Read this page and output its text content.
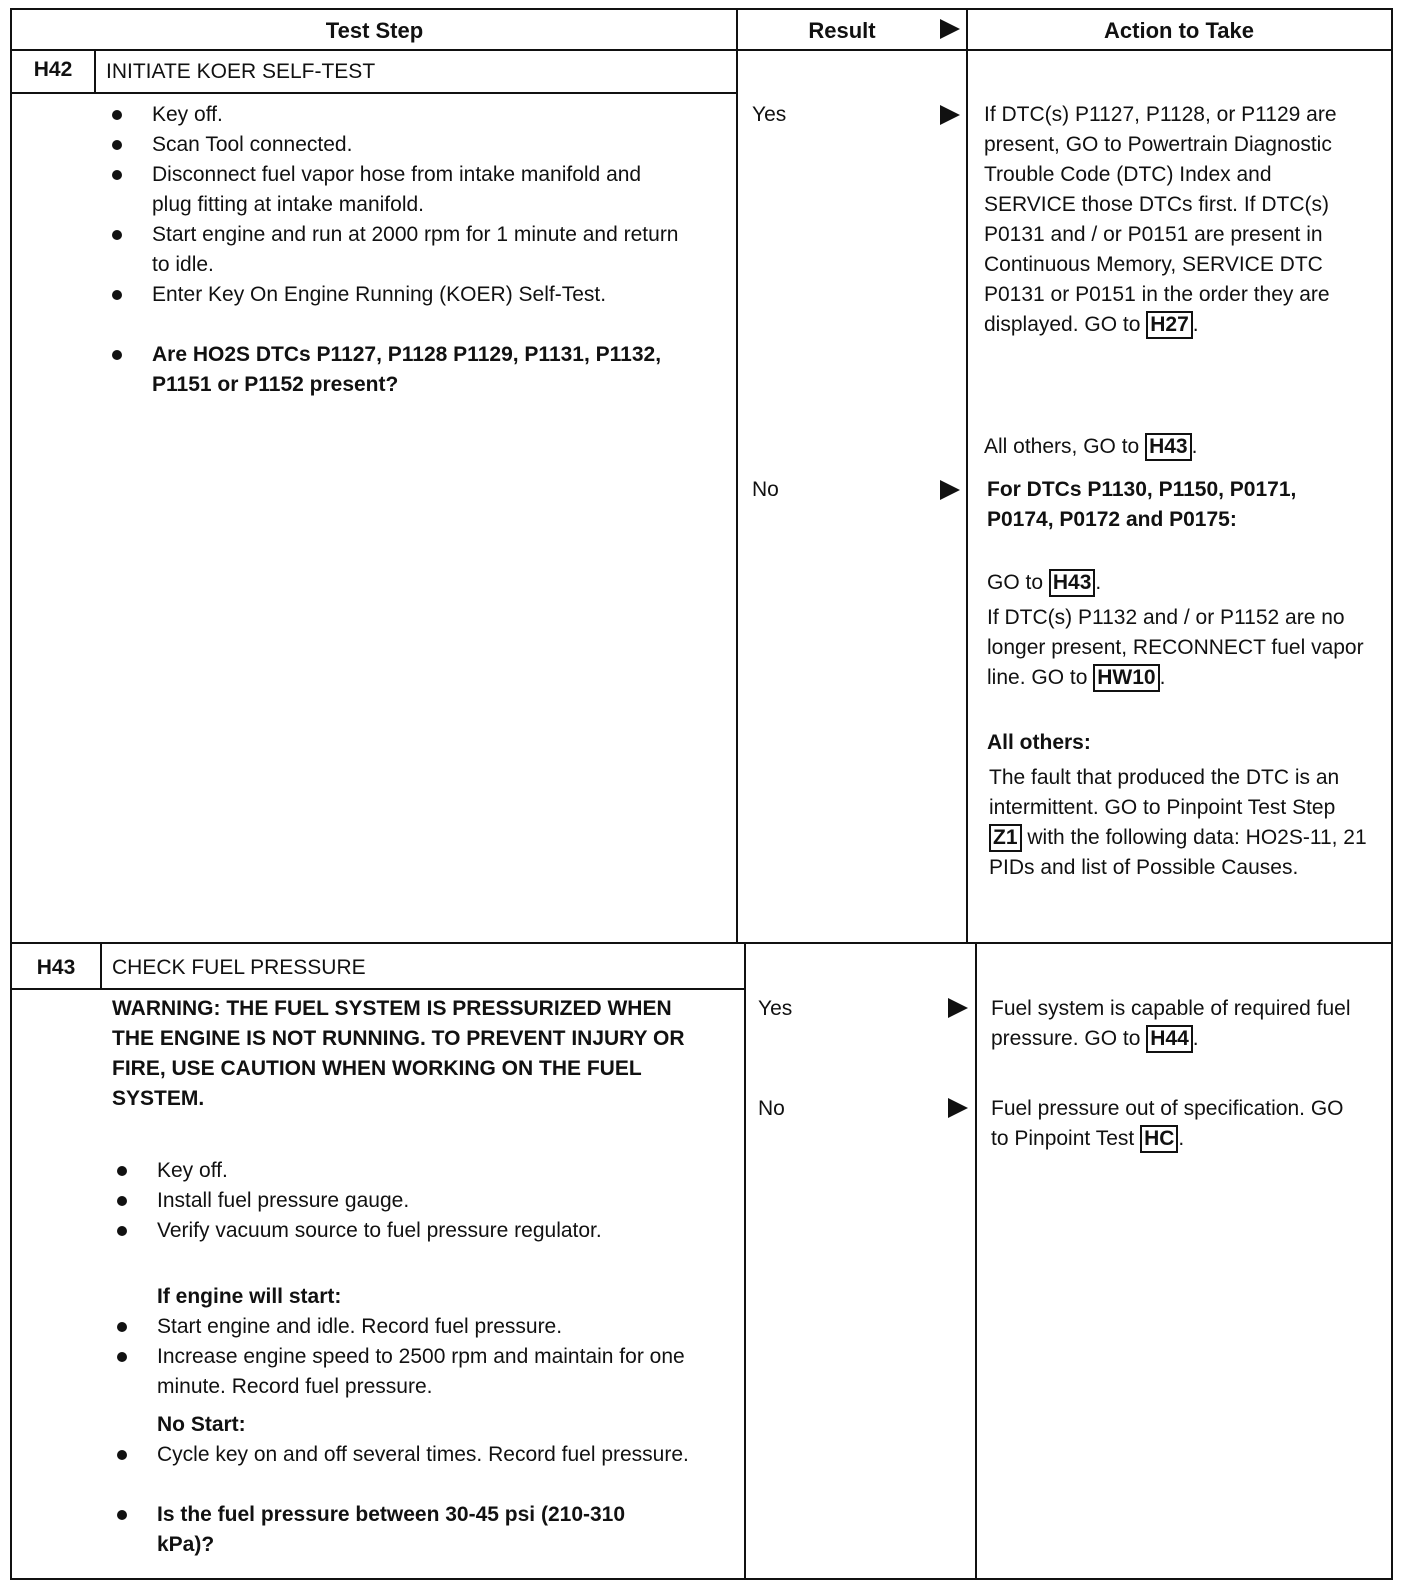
Test Step	Result	Action to Take
H42	INITIATE KOER SELF-TEST
Key off.
Scan Tool connected.
Disconnect fuel vapor hose from intake manifold and plug fitting at intake manifold.
Start engine and run at 2000 rpm for 1 minute and return to idle.
Enter Key On Engine Running (KOER) Self-Test.
Are HO2S DTCs P1127, P1128 P1129, P1131, P1132, P1151 or P1152 present?
Yes	If DTC(s) P1127, P1128, or P1129 are present, GO to Powertrain Diagnostic Trouble Code (DTC) Index and SERVICE those DTCs first. If DTC(s) P0131 and / or P0151 are present in Continuous Memory, SERVICE DTC P0131 or P0151 in the order they are displayed. GO to H27 .
All others, GO to H43 .
No	For DTCs P1130, P1150, P0171, P0174, P0172 and P0175:
GO to H43 .
If DTC(s) P1132 and / or P1152 are no longer present, RECONNECT fuel vapor line. GO to HW10 .
All others:
The fault that produced the DTC is an intermittent. GO to Pinpoint Test Step Z1 with the following data: HO2S-11, 21 PIDs and list of Possible Causes.
H43	CHECK FUEL PRESSURE
WARNING: THE FUEL SYSTEM IS PRESSURIZED WHEN THE ENGINE IS NOT RUNNING. TO PREVENT INJURY OR FIRE, USE CAUTION WHEN WORKING ON THE FUEL SYSTEM.
Key off.
Install fuel pressure gauge.
Verify vacuum source to fuel pressure regulator.
If engine will start:
Start engine and idle. Record fuel pressure.
Increase engine speed to 2500 rpm and maintain for one minute. Record fuel pressure.
No Start:
Cycle key on and off several times. Record fuel pressure.
Is the fuel pressure between 30-45 psi (210-310 kPa)?
Yes	Fuel system is capable of required fuel pressure. GO to H44 .
No	Fuel pressure out of specification. GO to Pinpoint Test HC .
